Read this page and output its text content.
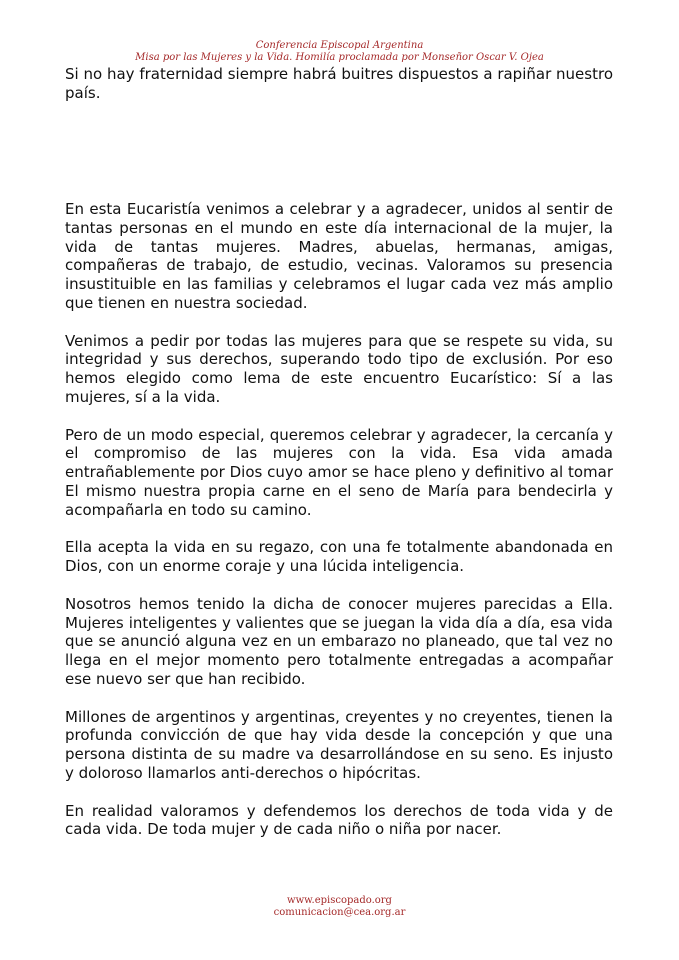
Conferencia Episcopal Argentina
Misa por las Mujeres y la Vida. Homilía proclamada por Monseñor Oscar V. Ojea

Si no hay fraternidad siempre habrá buitres dispuestos a rapiñar nuestro país.

En esta Eucaristía venimos a celebrar y a agradecer, unidos al sentir de tantas personas en el mundo en este día internacional de la mujer, la vida de tantas mujeres. Madres, abuelas, hermanas, amigas, compañeras de trabajo, de estudio, vecinas. Valoramos su presencia insustituible en las familias y celebramos el lugar cada vez más amplio que tienen en nuestra sociedad.

Venimos a pedir por todas las mujeres para que se respete su vida, su integridad y sus derechos, superando todo tipo de exclusión. Por eso hemos elegido como lema de este encuentro Eucarístico: Sí a las mujeres, sí a la vida.

Pero de un modo especial, queremos celebrar y agradecer, la cercanía y el compromiso de las mujeres con la vida. Esa vida amada entrañablemente por Dios cuyo amor se hace pleno y definitivo al tomar El mismo nuestra propia carne en el seno de María para bendecirla y acompañarla en todo su camino.

Ella acepta la vida en su regazo, con una fe totalmente abandonada en Dios, con un enorme coraje y una lúcida inteligencia.

Nosotros hemos tenido la dicha de conocer mujeres parecidas a Ella. Mujeres inteligentes y valientes que se juegan la vida día a día, esa vida que se anunció alguna vez en un embarazo no planeado, que tal vez no llega en el mejor momento pero totalmente entregadas a acompañar ese nuevo ser que han recibido.

Millones de argentinos y argentinas, creyentes y no creyentes, tienen la profunda convicción de que hay vida desde la concepción y que una persona distinta de su madre va desarrollándose en su seno. Es injusto y doloroso llamarlos anti-derechos o hipócritas.

En realidad valoramos y defendemos los derechos de toda vida y de cada vida. De toda mujer y de cada niño o niña por nacer.

www.episcopado.org
comunicacion@cea.org.ar
